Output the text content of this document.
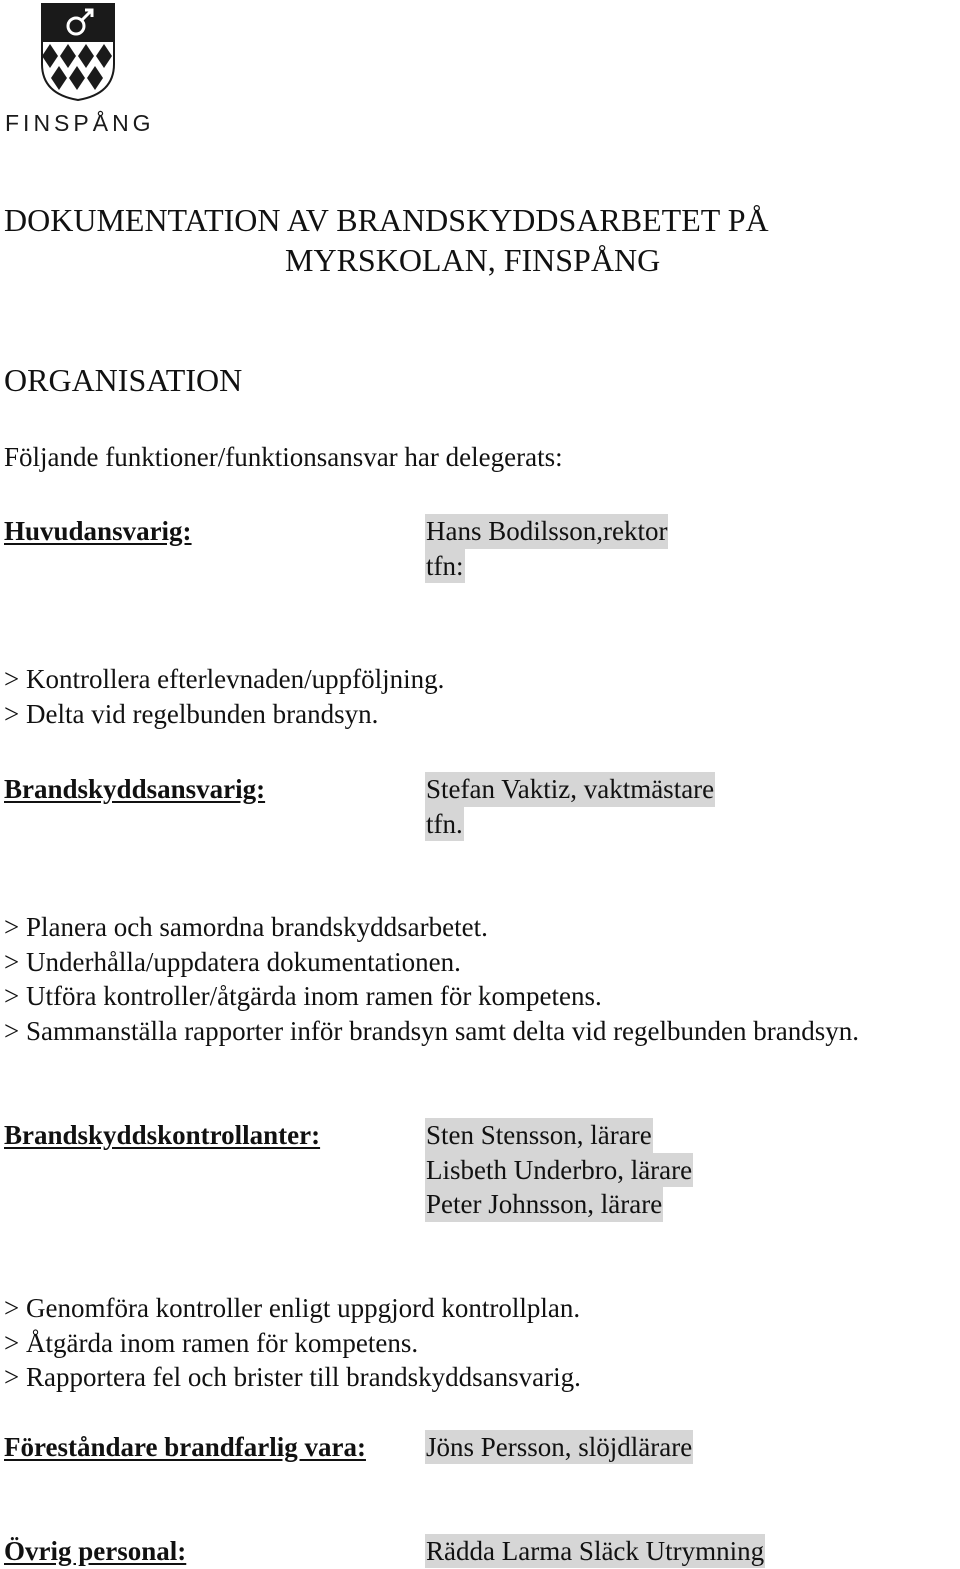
FINSPÅNG
DOKUMENTATION AV BRANDSKYDDSARBETET PÅ
MYRSKOLAN, FINSPÅNG
ORGANISATION
Följande funktioner/funktionsansvar har delegerats:
Huvudansvarig:	Hans Bodilsson,rektor
tfn:
> Kontrollera efterlevnaden/uppföljning.
> Delta vid regelbunden brandsyn.
Brandskyddsansvarig:	Stefan Vaktiz, vaktmästare
tfn.
> Planera och samordna brandskyddsarbetet.
> Underhålla/uppdatera dokumentationen.
> Utföra kontroller/åtgärda inom ramen för kompetens.
> Sammanställa rapporter inför brandsyn samt delta vid regelbunden brandsyn.
Brandskyddskontrollanter:	Sten Stensson, lärare
Lisbeth Underbro, lärare
Peter Johnsson, lärare
> Genomföra kontroller enligt uppgjord kontrollplan.
> Åtgärda inom ramen för kompetens.
> Rapportera fel och brister till brandskyddsansvarig.
Föreståndare brandfarlig vara: Jöns Persson, slöjdlärare
Övrig personal:	Rädda Larma Släck Utrymning
